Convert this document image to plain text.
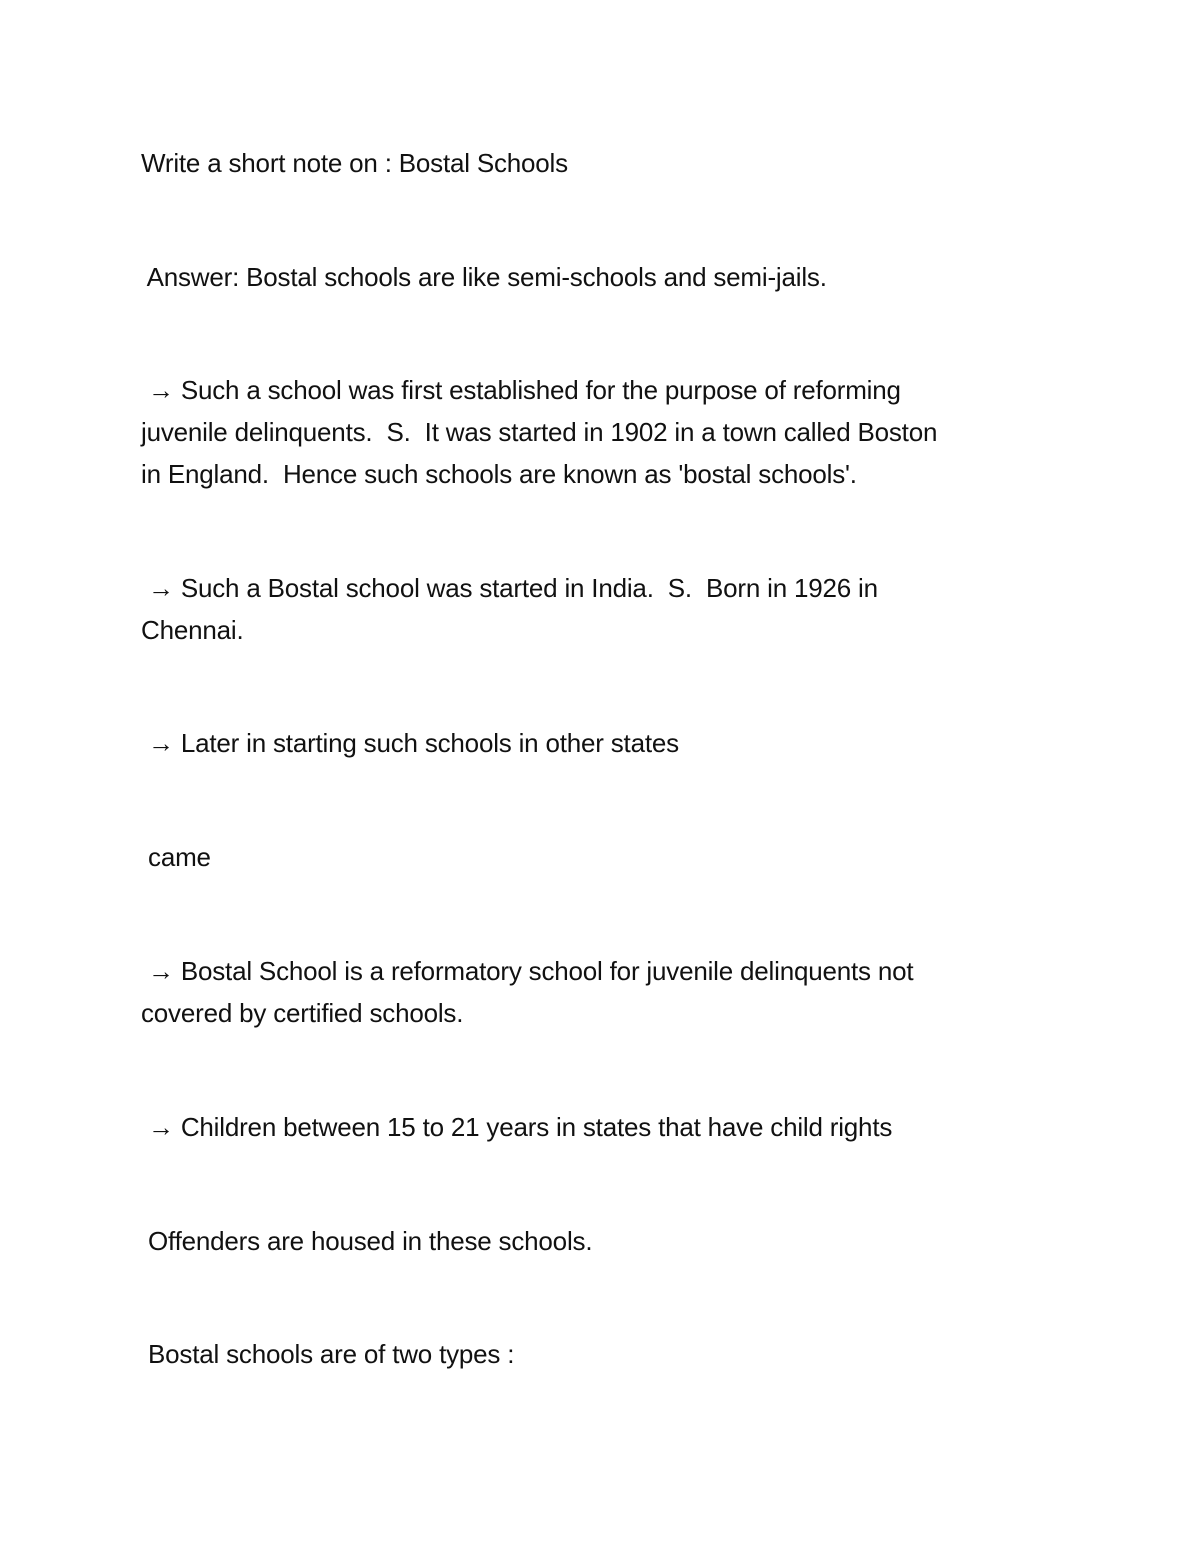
Write a short note on : Bostal Schools

Answer: Bostal schools are like semi-schools and semi-jails.

→ Such a school was first established for the purpose of reforming

juvenile delinquents.  S.  It was started in 1902 in a town called Boston

in England.  Hence such schools are known as 'bostal schools'.

→ Such a Bostal school was started in India.  S.  Born in 1926 in

Chennai.

→ Later in starting such schools in other states

came

→ Bostal School is a reformatory school for juvenile delinquents not

covered by certified schools.

→ Children between 15 to 21 years in states that have child rights

Offenders are housed in these schools.

Bostal schools are of two types :
